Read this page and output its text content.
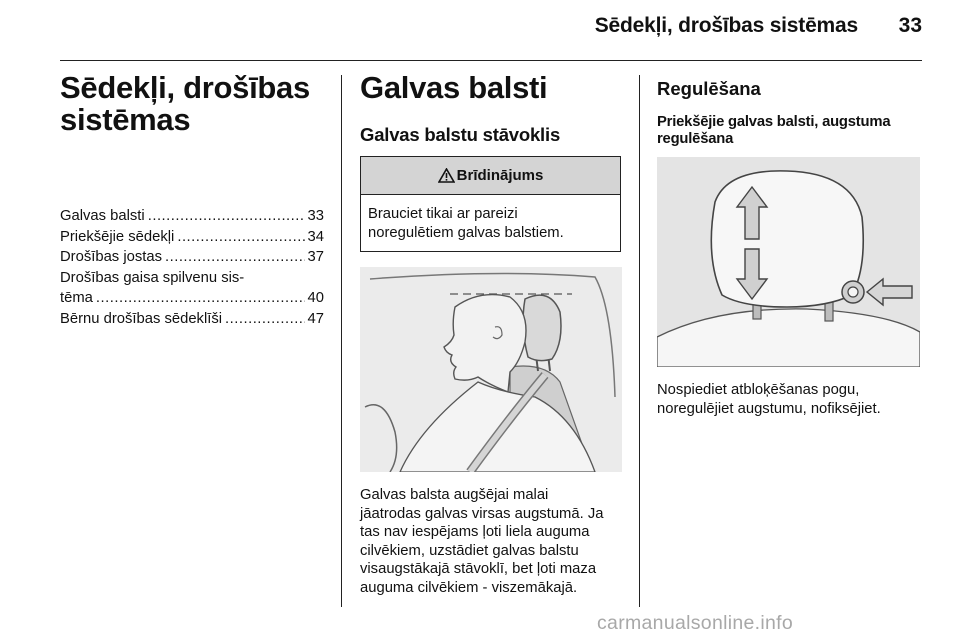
Sēdekļi, drošības sistēmas 33
Sēdekļi, drošības
sistēmas
Galvas balsti .....	33
Priekšējie sēdekļi .....	34
Drošības jostas .....	37
Drošības gaisa spilvenu sis-
tēma .....	40
Bērnu drošības sēdeklīši .....	47
Galvas balsti
Galvas balstu stāvoklis
Brīdinājums
Brauciet tikai ar pareizi
noregulētiem galvas balstiem.
Galvas balsta augšējai malai
jāatrodas galvas virsas augstumā. Ja
tas nav iespējams ļoti liela auguma
cilvēkiem, uzstādiet galvas balstu
visaugstākajā stāvoklī, bet ļoti maza
auguma cilvēkiem - viszemākajā.
Regulēšana
Priekšējie galvas balsti, augstuma
regulēšana
Nospiediet atbloķēšanas pogu,
noregulējiet augstumu, nofiksējiet.
carmanualsonline.info
